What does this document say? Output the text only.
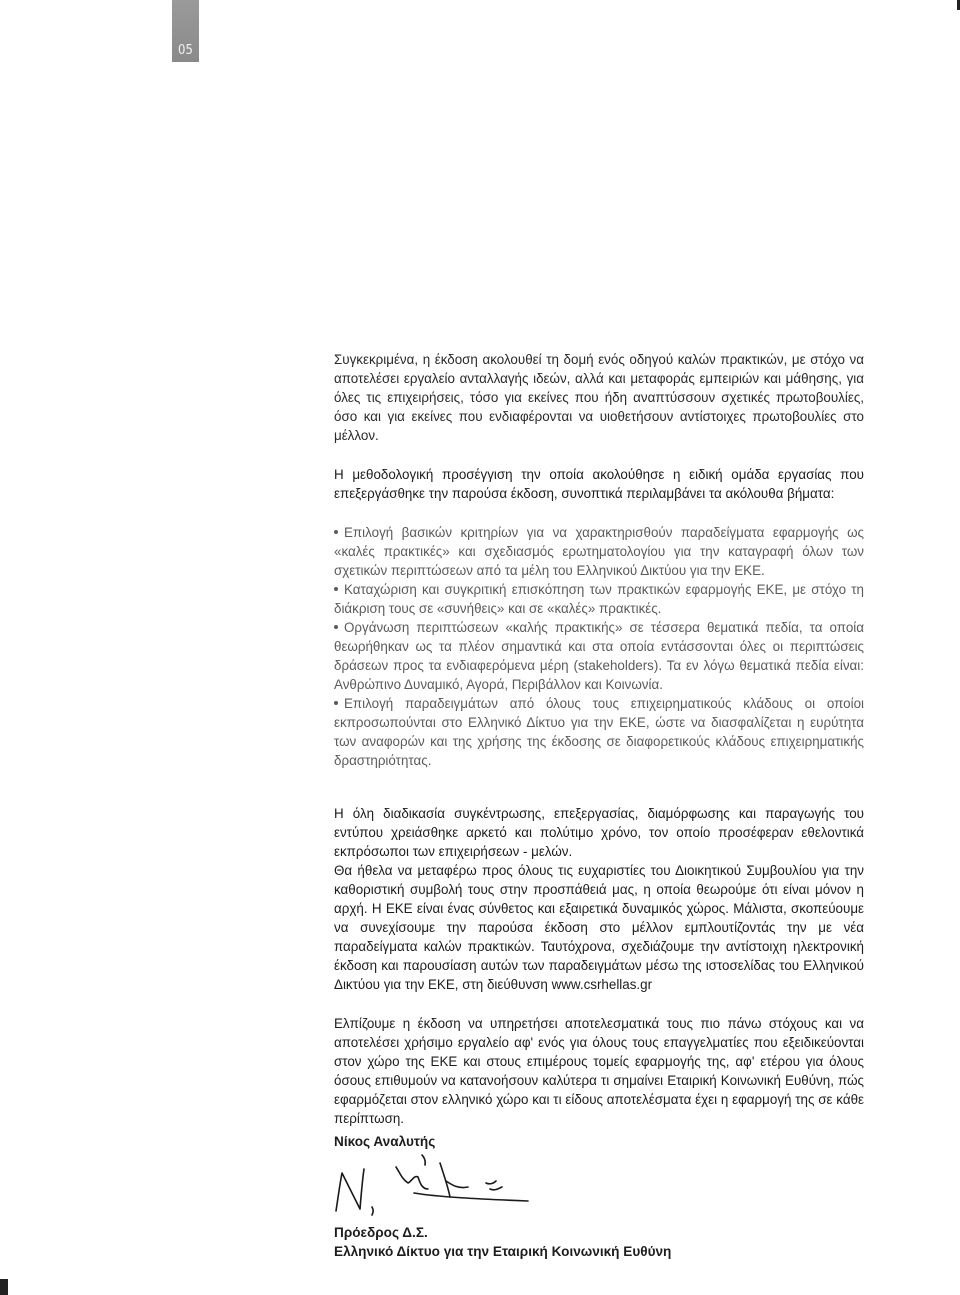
05

Συγκεκριμένα, η έκδοση ακολουθεί τη δομή ενός οδηγού καλών πρακτικών, με στόχο να αποτελέσει εργαλείο ανταλλαγής ιδεών, αλλά και μεταφοράς εμπειριών και μάθησης, για όλες τις επιχειρήσεις, τόσο για εκείνες που ήδη αναπτύσσουν σχετικές πρωτοβουλίες, όσο και για εκείνες που ενδιαφέρονται να υιοθετήσουν αντίστοιχες πρωτοβουλίες στο μέλλον.

Η μεθοδολογική προσέγγιση την οποία ακολούθησε η ειδική ομάδα εργασίας που επεξεργάσθηκε την παρούσα έκδοση, συνοπτικά περιλαμβάνει τα ακόλουθα βήματα:

Επιλογή βασικών κριτηρίων για να χαρακτηρισθούν παραδείγματα εφαρμογής ως «καλές πρακτικές» και σχεδιασμός ερωτηματολογίου για την καταγραφή όλων των σχετικών περιπτώσεων από τα μέλη του Ελληνικού Δικτύου για την ΕΚΕ.
Καταχώριση και συγκριτική επισκόπηση των πρακτικών εφαρμογής ΕΚΕ, με στόχο τη διάκριση τους σε «συνήθεις» και σε «καλές» πρακτικές.
Οργάνωση περιπτώσεων «καλής πρακτικής» σε τέσσερα θεματικά πεδία, τα οποία θεωρήθηκαν ως τα πλέον σημαντικά και στα οποία εντάσσονται όλες οι περιπτώσεις δράσεων προς τα ενδιαφερόμενα μέρη (stakeholders). Τα εν λόγω θεματικά πεδία είναι: Ανθρώπινο Δυναμικό, Αγορά, Περιβάλλον και Κοινωνία.
Επιλογή παραδειγμάτων από όλους τους επιχειρηματικούς κλάδους οι οποίοι εκπροσωπούνται στο Ελληνικό Δίκτυο για την ΕΚΕ, ώστε να διασφαλίζεται η ευρύτητα των αναφορών και της χρήσης της έκδοσης σε διαφορετικούς κλάδους επιχειρηματικής δραστηριότητας.

Η όλη διαδικασία συγκέντρωσης, επεξεργασίας, διαμόρφωσης και παραγωγής του εντύπου χρειάσθηκε αρκετό και πολύτιμο χρόνο, τον οποίο προσέφεραν εθελοντικά εκπρόσωποι των επιχειρήσεων - μελών.

Θα ήθελα να μεταφέρω προς όλους τις ευχαριστίες του Διοικητικού Συμβουλίου για την καθοριστική συμβολή τους στην προσπάθειά μας, η οποία θεωρούμε ότι είναι μόνον η αρχή. Η ΕΚΕ είναι ένας σύνθετος και εξαιρετικά δυναμικός χώρος. Μάλιστα, σκοπεύουμε να συνεχίσουμε την παρούσα έκδοση στο μέλλον εμπλουτίζοντάς την με νέα παραδείγματα καλών πρακτικών. Ταυτόχρονα, σχεδιάζουμε την αντίστοιχη ηλεκτρονική έκδοση και παρουσίαση αυτών των παραδειγμάτων μέσω της ιστοσελίδας του Ελληνικού Δικτύου για την ΕΚΕ, στη διεύθυνση www.csrhellas.gr

Ελπίζουμε η έκδοση να υπηρετήσει αποτελεσματικά τους πιο πάνω στόχους και να αποτελέσει χρήσιμο εργαλείο αφ' ενός για όλους τους επαγγελματίες που εξειδικεύονται στον χώρο της ΕΚΕ και στους επιμέρους τομείς εφαρμογής της, αφ' ετέρου για όλους όσους επιθυμούν να κατανοήσουν καλύτερα τι σημαίνει Εταιρική Κοινωνική Ευθύνη, πώς εφαρμόζεται στον ελληνικό χώρο και τι είδους αποτελέσματα έχει η εφαρμογή της σε κάθε περίπτωση.

Νίκος Αναλυτής
Πρόεδρος Δ.Σ.
Ελληνικό Δίκτυο για την Εταιρική Κοινωνική Ευθύνη
